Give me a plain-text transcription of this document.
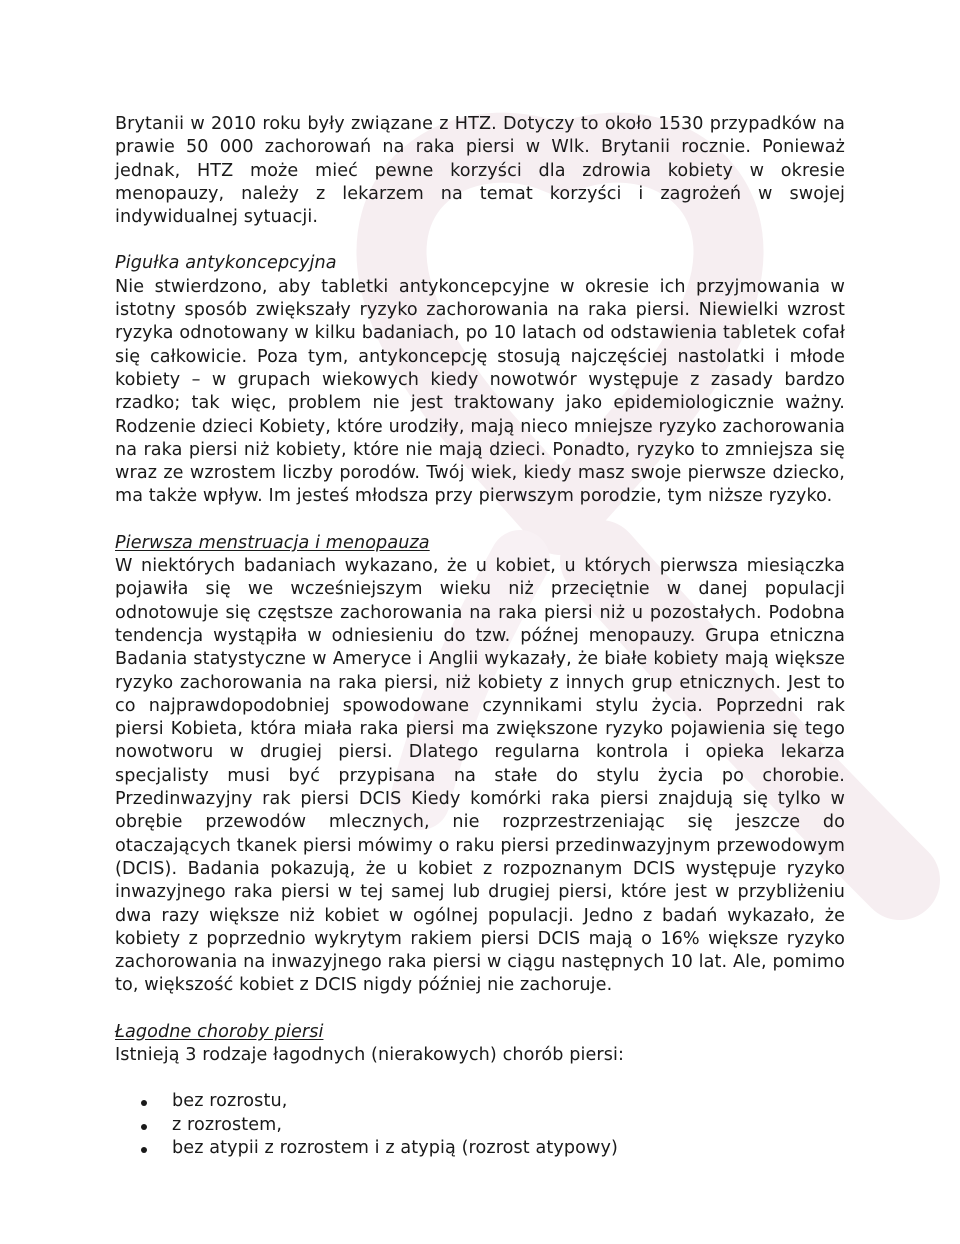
Brytanii w 2010 roku były związane z HTZ. Dotyczy to około 1530 przypadków na prawie 50 000 zachorowań na raka piersi w Wlk. Brytanii rocznie. Ponieważ jednak, HTZ może mieć pewne korzyści dla zdrowia kobiety w okresie menopauzy, należy z lekarzem na temat korzyści i zagrożeń w swojej indywidualnej sytuacji.

Pigułka antykoncepcyjna
Nie stwierdzono, aby tabletki antykoncepcyjne w okresie ich przyjmowania w istotny sposób zwiększały ryzyko zachorowania na raka piersi. Niewielki wzrost ryzyka odnotowany w kilku badaniach, po 10 latach od odstawienia tabletek cofał się całkowicie. Poza tym, antykoncepcję stosują najczęściej nastolatki i młode kobiety – w grupach wiekowych kiedy nowotwór występuje z zasady bardzo rzadko; tak więc, problem nie jest traktowany jako epidemiologicznie ważny. Rodzenie dzieci Kobiety, które urodziły, mają nieco mniejsze ryzyko zachorowania na raka piersi niż kobiety, które nie mają dzieci. Ponadto, ryzyko to zmniejsza się wraz ze wzrostem liczby porodów. Twój wiek, kiedy masz swoje pierwsze dziecko, ma także wpływ. Im jesteś młodsza przy pierwszym porodzie, tym niższe ryzyko.

Pierwsza menstruacja i menopauza
W niektórych badaniach wykazano, że u kobiet, u których pierwsza miesiączka pojawiła się we wcześniejszym wieku niż przeciętnie w danej populacji odnotowuje się częstsze zachorowania na raka piersi niż u pozostałych. Podobna tendencja wystąpiła w odniesieniu do tzw. późnej menopauzy. Grupa etniczna Badania statystyczne w Ameryce i Anglii wykazały, że białe kobiety mają większe ryzyko zachorowania na raka piersi, niż kobiety z innych grup etnicznych. Jest to co najprawdopodobniej spowodowane czynnikami stylu życia. Poprzedni rak piersi Kobieta, która miała raka piersi ma zwiększone ryzyko pojawienia się tego nowotworu w drugiej piersi. Dlatego regularna kontrola i opieka lekarza specjalisty musi być przypisana na stałe do stylu życia po chorobie. Przedinwazyjny rak piersi DCIS Kiedy komórki raka piersi znajdują się tylko w obrębie przewodów mlecznych, nie rozprzestrzeniając się jeszcze do otaczających tkanek piersi mówimy o raku piersi przedinwazyjnym przewodowym (DCIS). Badania pokazują, że u kobiet z rozpoznanym DCIS występuje ryzyko inwazyjnego raka piersi w tej samej lub drugiej piersi, które jest w przybliżeniu dwa razy większe niż kobiet w ogólnej populacji. Jedno z badań wykazało, że kobiety z poprzednio wykrytym rakiem piersi DCIS mają o 16% większe ryzyko zachorowania na inwazyjnego raka piersi w ciągu następnych 10 lat. Ale, pomimo to, większość kobiet z DCIS nigdy później nie zachoruje.

Łagodne choroby piersi
Istnieją 3 rodzaje łagodnych (nierakowych) chorób piersi:

bez rozrostu,
z rozrostem,
bez atypii z rozrostem i z atypią (rozrost atypowy)
